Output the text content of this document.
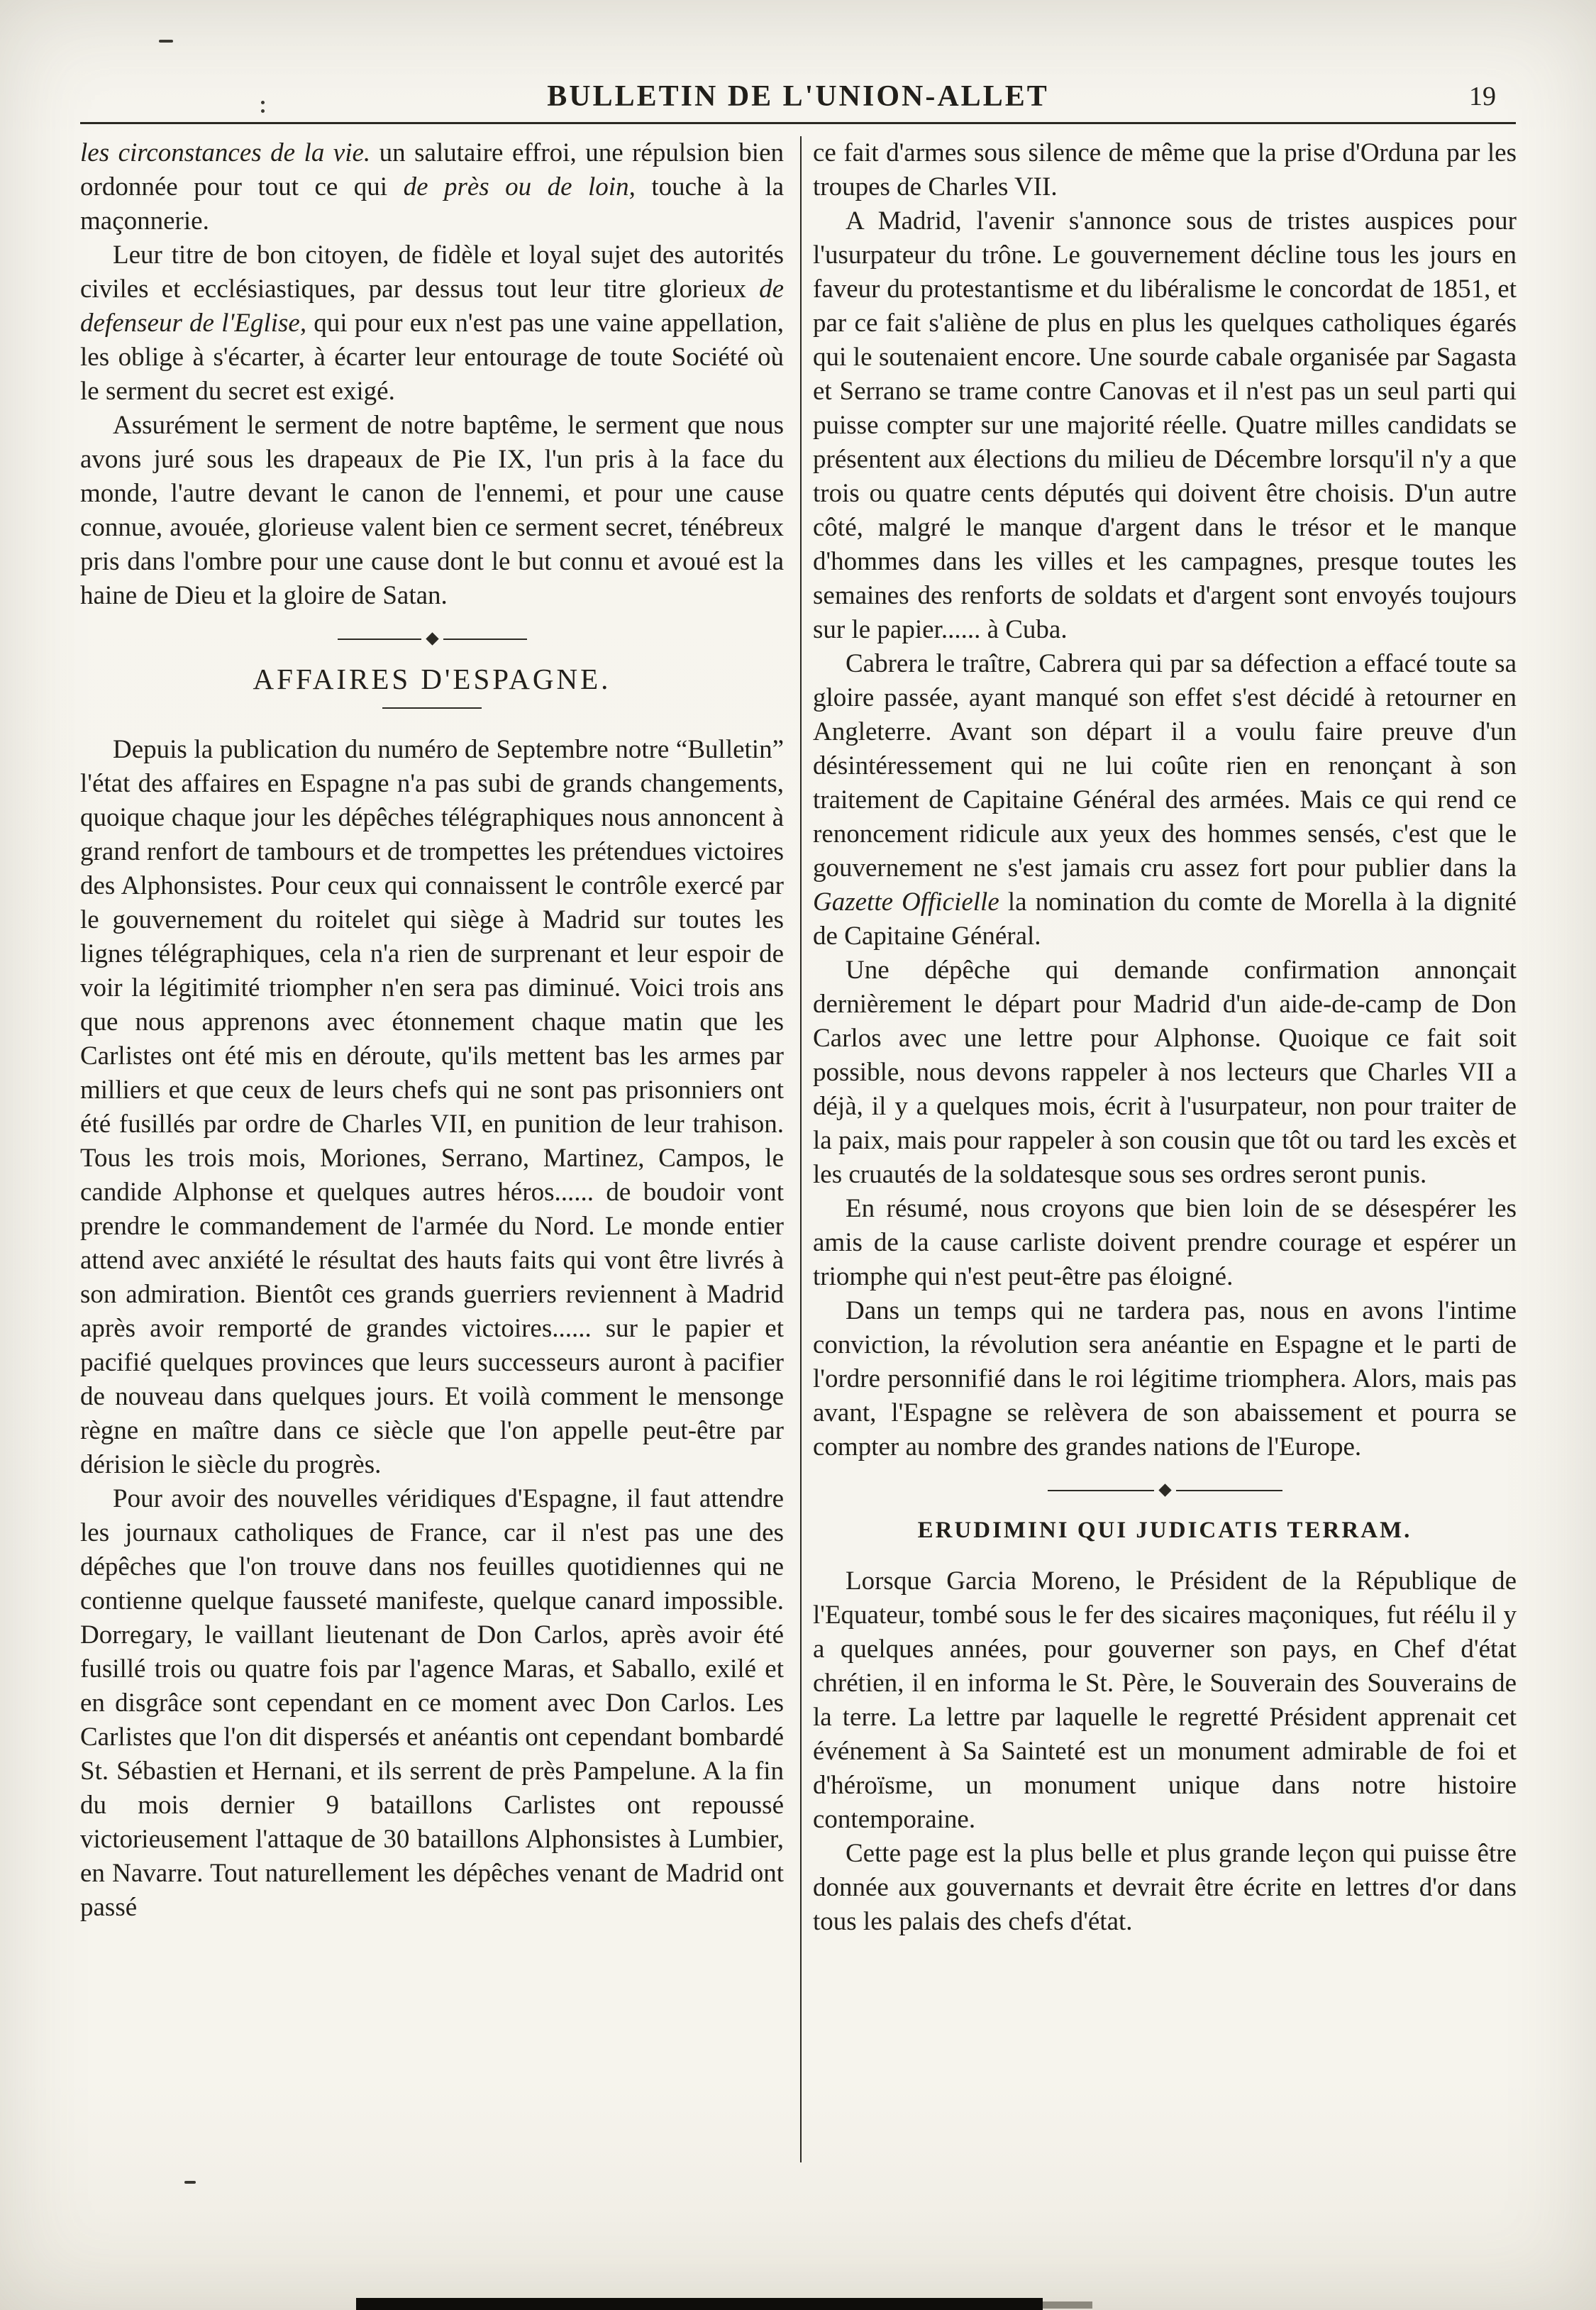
BULLETIN DE L'UNION-ALLET	19

les circonstances de la vie. un salutaire effroi, une répulsion bien ordonnée pour tout ce qui de près ou de loin, touche à la maçonnerie.

Leur titre de bon citoyen, de fidèle et loyal sujet des autorités civiles et ecclésiastiques, par dessus tout leur titre glorieux de defenseur de l'Eglise, qui pour eux n'est pas une vaine appellation, les oblige à s'écarter, à écarter leur entourage de toute Société où le serment du secret est exigé.

Assurément le serment de notre baptême, le serment que nous avons juré sous les drapeaux de Pie IX, l'un pris à la face du monde, l'autre devant le canon de l'ennemi, et pour une cause connue, avouée, glorieuse valent bien ce serment secret, ténébreux pris dans l'ombre pour une cause dont le but connu et avoué est la haine de Dieu et la gloire de Satan.

AFFAIRES D'ESPAGNE.

Depuis la publication du numéro de Septembre notre “Bulletin” l'état des affaires en Espagne n'a pas subi de grands changements, quoique chaque jour les dépêches télégraphiques nous annoncent à grand renfort de tambours et de trompettes les prétendues victoires des Alphonsistes. Pour ceux qui connaissent le contrôle exercé par le gouvernement du roitelet qui siège à Madrid sur toutes les lignes télégraphiques, cela n'a rien de surprenant et leur espoir de voir la légitimité triompher n'en sera pas diminué. Voici trois ans que nous apprenons avec étonnement chaque matin que les Carlistes ont été mis en déroute, qu'ils mettent bas les armes par milliers et que ceux de leurs chefs qui ne sont pas prisonniers ont été fusillés par ordre de Charles VII, en punition de leur trahison. Tous les trois mois, Moriones, Serrano, Martinez, Campos, le candide Alphonse et quelques autres héros...... de boudoir vont prendre le commandement de l'armée du Nord. Le monde entier attend avec anxiété le résultat des hauts faits qui vont être livrés à son admiration. Bientôt ces grands guerriers reviennent à Madrid après avoir remporté de grandes victoires...... sur le papier et pacifié quelques provinces que leurs successeurs auront à pacifier de nouveau dans quelques jours. Et voilà comment le mensonge règne en maître dans ce siècle que l'on appelle peut-être par dérision le siècle du progrès.

Pour avoir des nouvelles véridiques d'Espagne, il faut attendre les journaux catholiques de France, car il n'est pas une des dépêches que l'on trouve dans nos feuilles quotidiennes qui ne contienne quelque fausseté manifeste, quelque canard impossible. Dorregary, le vaillant lieutenant de Don Carlos, après avoir été fusillé trois ou quatre fois par l'agence Maras, et Saballo, exilé et en disgrâce sont cependant en ce moment avec Don Carlos. Les Carlistes que l'on dit dispersés et anéantis ont cependant bombardé St. Sébastien et Hernani, et ils serrent de près Pampelune. A la fin du mois dernier 9 bataillons Carlistes ont repoussé victorieusement l'attaque de 30 bataillons Alphonsistes à Lumbier, en Navarre. Tout naturellement les dépêches venant de Madrid ont passé

ce fait d'armes sous silence de même que la prise d'Orduna par les troupes de Charles VII.

A Madrid, l'avenir s'annonce sous de tristes auspices pour l'usurpateur du trône. Le gouvernement décline tous les jours en faveur du protestantisme et du libéralisme le concordat de 1851, et par ce fait s'aliène de plus en plus les quelques catholiques égarés qui le soutenaient encore. Une sourde cabale organisée par Sagasta et Serrano se trame contre Canovas et il n'est pas un seul parti qui puisse compter sur une majorité réelle. Quatre milles candidats se présentent aux élections du milieu de Décembre lorsqu'il n'y a que trois ou quatre cents députés qui doivent être choisis. D'un autre côté, malgré le manque d'argent dans le trésor et le manque d'hommes dans les villes et les campagnes, presque toutes les semaines des renforts de soldats et d'argent sont envoyés toujours sur le papier...... à Cuba.

Cabrera le traître, Cabrera qui par sa défection a effacé toute sa gloire passée, ayant manqué son effet s'est décidé à retourner en Angleterre. Avant son départ il a voulu faire preuve d'un désintéressement qui ne lui coûte rien en renonçant à son traitement de Capitaine Général des armées. Mais ce qui rend ce renoncement ridicule aux yeux des hommes sensés, c'est que le gouvernement ne s'est jamais cru assez fort pour publier dans la Gazette Officielle la nomination du comte de Morella à la dignité de Capitaine Général.

Une dépêche qui demande confirmation annonçait dernièrement le départ pour Madrid d'un aide-de-camp de Don Carlos avec une lettre pour Alphonse. Quoique ce fait soit possible, nous devons rappeler à nos lecteurs que Charles VII a déjà, il y a quelques mois, écrit à l'usurpateur, non pour traiter de la paix, mais pour rappeler à son cousin que tôt ou tard les excès et les cruautés de la soldatesque sous ses ordres seront punis.

En résumé, nous croyons que bien loin de se désespérer les amis de la cause carliste doivent prendre courage et espérer un triomphe qui n'est peut-être pas éloigné.

Dans un temps qui ne tardera pas, nous en avons l'intime conviction, la révolution sera anéantie en Espagne et le parti de l'ordre personnifié dans le roi légitime triomphera. Alors, mais pas avant, l'Espagne se relèvera de son abaissement et pourra se compter au nombre des grandes nations de l'Europe.

ERUDIMINI QUI JUDICATIS TERRAM.

Lorsque Garcia Moreno, le Président de la République de l'Equateur, tombé sous le fer des sicaires maçoniques, fut réélu il y a quelques années, pour gouverner son pays, en Chef d'état chrétien, il en informa le St. Père, le Souverain des Souverains de la terre. La lettre par laquelle le regretté Président apprenait cet événement à Sa Sainteté est un monument admirable de foi et d'héroïsme, un monument unique dans notre histoire contemporaine.

Cette page est la plus belle et plus grande leçon qui puisse être donnée aux gouvernants et devrait être écrite en lettres d'or dans tous les palais des chefs d'état.
